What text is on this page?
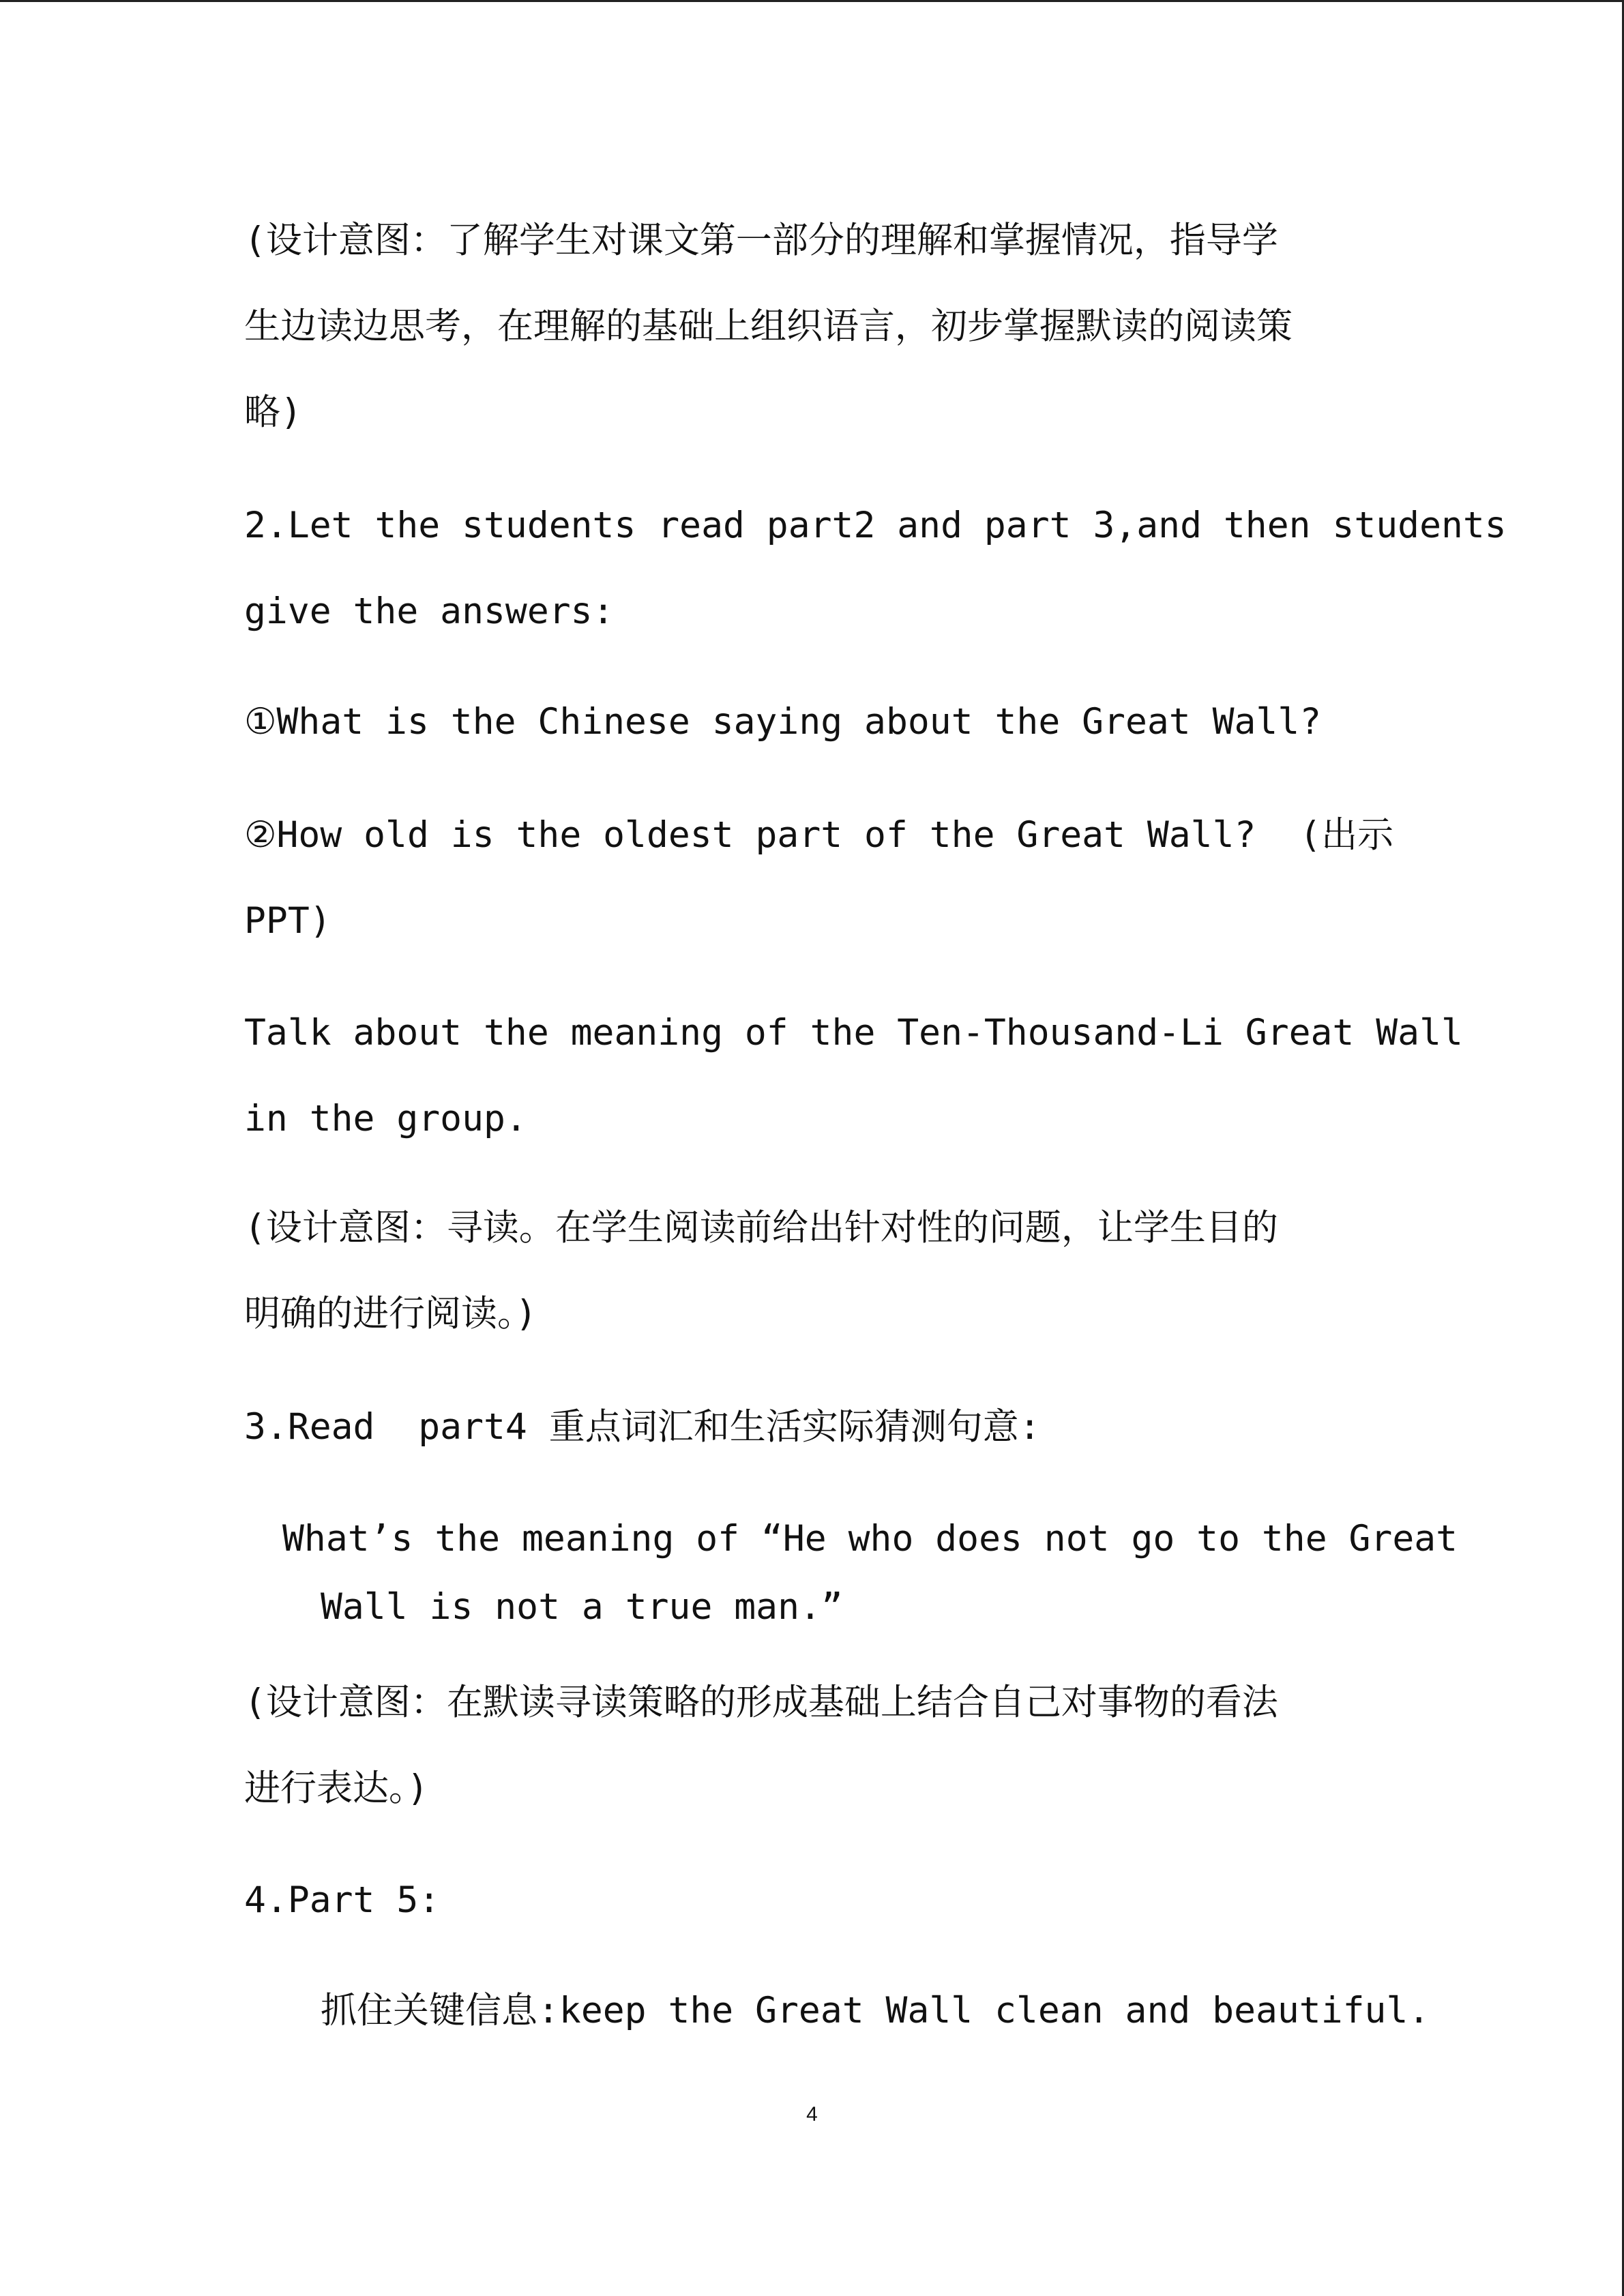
(设计意图：了解学生对课文第一部分的理解和掌握情况，指导学

生边读边思考，在理解的基础上组织语言，初步掌握默读的阅读策

略)

2.Let the students read part2 and part 3,and then students

give the answers:

①What is the Chinese saying about the Great Wall?

②How old is the oldest part of the Great Wall?  (出示

PPT)

Talk about the meaning of the Ten-Thousand-Li Great Wall

in the group.

(设计意图：寻读。在学生阅读前给出针对性的问题，让学生目的

明确的进行阅读。)

3.Read  part4 重点词汇和生活实际猜测句意:

What’s the meaning of “He who does not go to the Great

Wall is not a true man.”

(设计意图：在默读寻读策略的形成基础上结合自己对事物的看法

进行表达。)

4.Part 5:

抓住关键信息:keep the Great Wall clean and beautiful.

4
